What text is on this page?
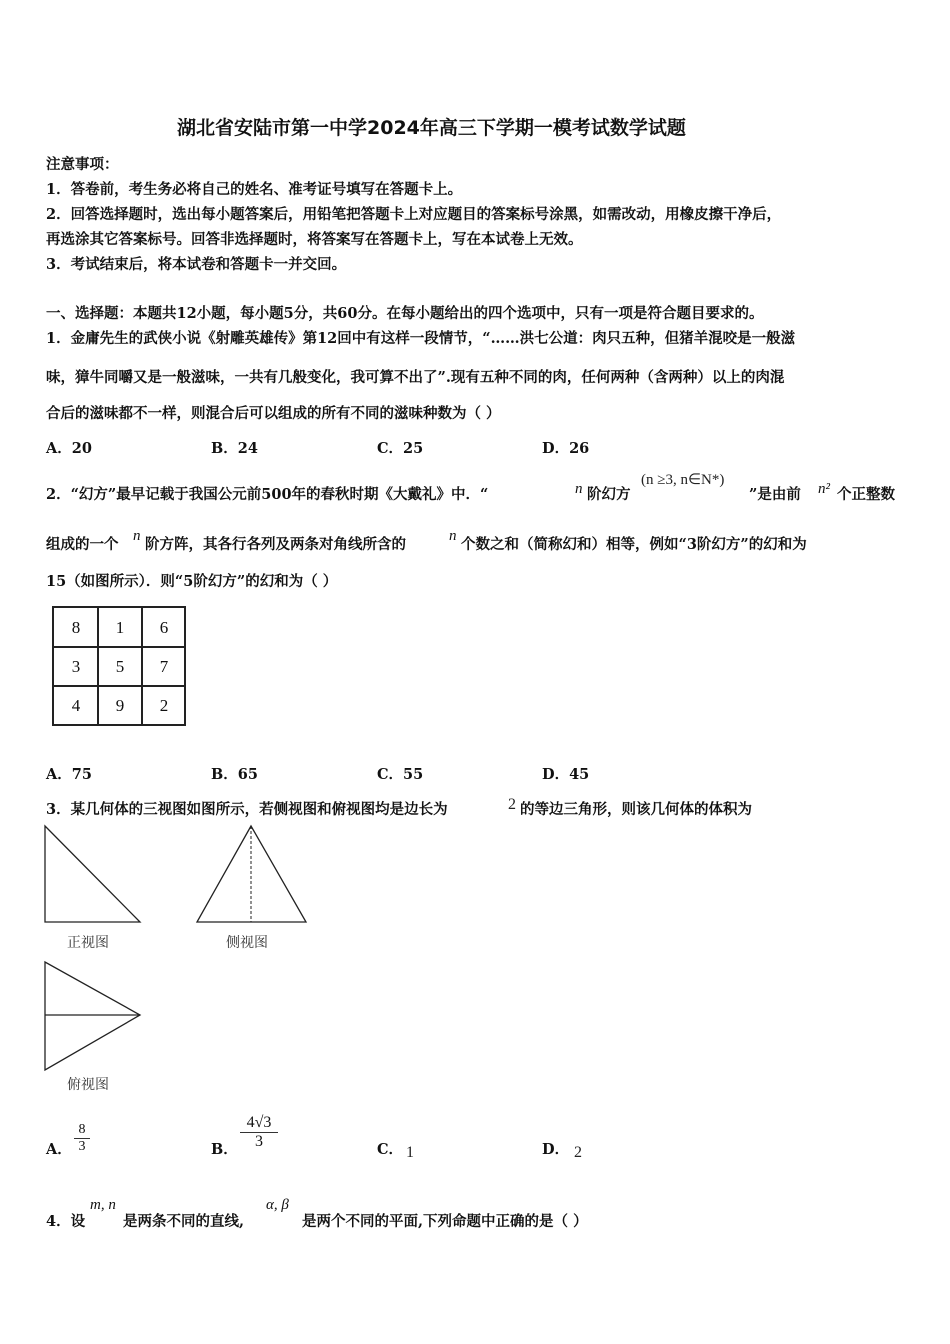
湖北省安陆市第一中学2024年高三下学期一模考试数学试题
注意事项：
1．答卷前，考生务必将自己的姓名、准考证号填写在答题卡上。
2．回答选择题时，选出每小题答案后，用铅笔把答题卡上对应题目的答案标号涂黑，如需改动，用橡皮擦干净后，
再选涂其它答案标号。回答非选择题时，将答案写在答题卡上，写在本试卷上无效。
3．考试结束后，将本试卷和答题卡一并交回。
一、选择题：本题共12小题，每小题5分，共60分。在每小题给出的四个选项中，只有一项是符合题目要求的。
1．金庸先生的武侠小说《射雕英雄传》第12回中有这样一段情节，“……洪七公道：肉只五种，但猪羊混咬是一般滋
味，獐牛同嚼又是一般滋味，一共有几般变化，我可算不出了”.现有五种不同的肉，任何两种（含两种）以上的肉混
合后的滋味都不一样，则混合后可以组成的所有不同的滋味种数为（ ）
A．20	B．24	C．25	D．26
2．“幻方”最早记载于我国公元前500年的春秋时期《大戴礼》中．“	n 阶幻方
(n ≥3, n∈N*)
”是由前 n² 个正整数
组成的一个 n 阶方阵，其各行各列及两条对角线所含的	n 个数之和（简称幻和）相等，例如“3阶幻方”的幻和为
15（如图所示）．则“5阶幻方”的幻和为（ ）
8	1	6
3	5	7
4	9	2
A．75	B．65	C．55	D．45
3．某几何体的三视图如图所示，若侧视图和俯视图均是边长为	2 的等边三角形，则该几何体的体积为
正视图	侧视图
俯视图
A． $\frac{8}{3}$	B． $\frac{4√3}{3}$	C． 1	D． 2
4．设
m, n
是两条不同的直线,
α, β
是两个不同的平面,下列命题中正确的是（ ）
